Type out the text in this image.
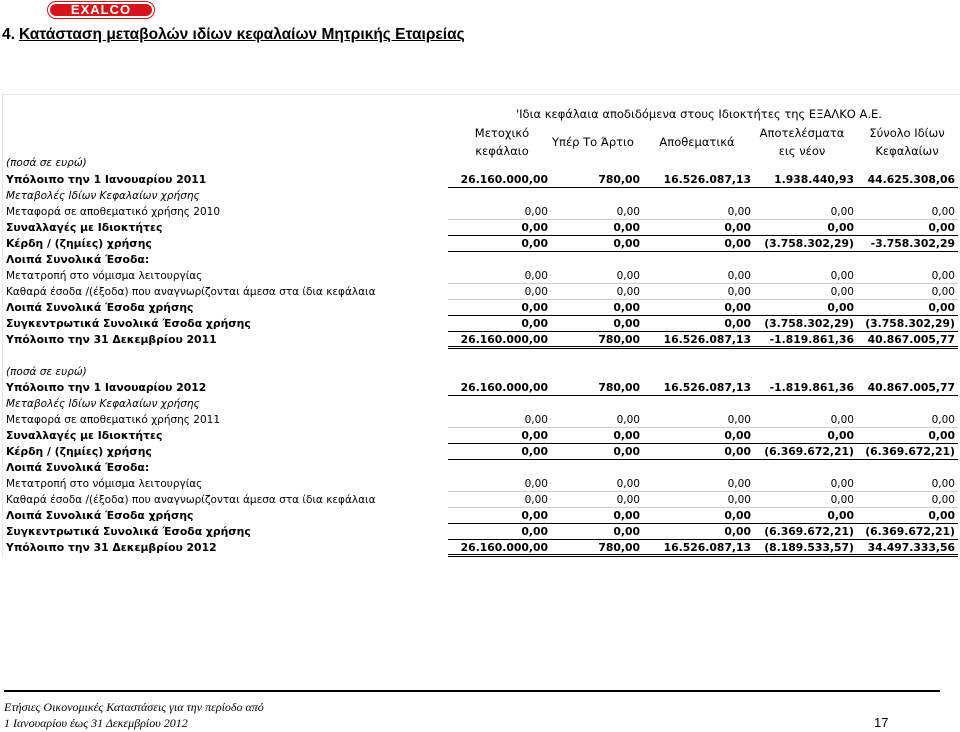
EXALCO
4. Κατάσταση μεταβολών ιδίων κεφαλαίων Μητρικής Εταιρείας
'Ιδια κεφάλαια αποδιδόμενα στους Ιδιοκτήτες της ΕΞΑΛΚΟ Α.Ε.
Μετοχικό
κεφάλαιο
Υπέρ Το Άρτιο	Αποθεματικά
Αποτελέσματα
εις νέον
Σύνολο Ιδίων
Κεφαλαίων
(ποσά σε ευρώ)
Υπόλοιπο την 1 Ιανουαρίου 2011	26.160.000,00	780,00	16.526.087,13	1.938.440,93	44.625.308,06
Μεταβολές Ιδίων Κεφαλαίων χρήσης
Μεταφορά σε αποθεματικό χρήσης 2010	0,00	0,00	0,00	0,00	0,00
Συναλλαγές με Ιδιοκτήτες	0,00	0,00	0,00	0,00	0,00
Κέρδη / (ζημίες) χρήσης	0,00	0,00	0,00 (3.758.302,29)	-3.758.302,29
Λοιπά Συνολικά Έσοδα:
Μετατροπή στο νόμισμα λειτουργίας	0,00	0,00	0,00	0,00	0,00
Καθαρά έσοδα /(έξοδα) που αναγνωρίζονται άμεσα στα ίδια κεφάλαια	0,00	0,00	0,00	0,00	0,00
Λοιπά Συνολικά Έσοδα χρήσης	0,00	0,00	0,00	0,00	0,00
Συγκεντρωτικά Συνολικά Έσοδα χρήσης	0,00	0,00	0,00 (3.758.302,29) (3.758.302,29)
Υπόλοιπο την 31 Δεκεμβρίου 2011	26.160.000,00	780,00	16.526.087,13	-1.819.861,36	40.867.005,77
(ποσά σε ευρώ)
Υπόλοιπο την 1 Ιανουαρίου 2012	26.160.000,00	780,00	16.526.087,13	-1.819.861,36	40.867.005,77
Μεταβολές Ιδίων Κεφαλαίων χρήσης
Μεταφορά σε αποθεματικό χρήσης 2011	0,00	0,00	0,00	0,00	0,00
Συναλλαγές με Ιδιοκτήτες	0,00	0,00	0,00	0,00	0,00
Κέρδη / (ζημίες) χρήσης	0,00	0,00	0,00 (6.369.672,21) (6.369.672,21)
Λοιπά Συνολικά Έσοδα:
Μετατροπή στο νόμισμα λειτουργίας	0,00	0,00	0,00	0,00	0,00
Καθαρά έσοδα /(έξοδα) που αναγνωρίζονται άμεσα στα ίδια κεφάλαια	0,00	0,00	0,00	0,00	0,00
Λοιπά Συνολικά Έσοδα χρήσης	0,00	0,00	0,00	0,00	0,00
Συγκεντρωτικά Συνολικά Έσοδα χρήσης	0,00	0,00	0,00 (6.369.672,21) (6.369.672,21)
Υπόλοιπο την 31 Δεκεμβρίου 2012	26.160.000,00	780,00	16.526.087,13 (8.189.533,57)	34.497.333,56
Ετήσιες Οικονομικές Καταστάσεις για την περίοδο από
1 Ιανουαρίου έως 31 Δεκεμβρίου 2012	17
